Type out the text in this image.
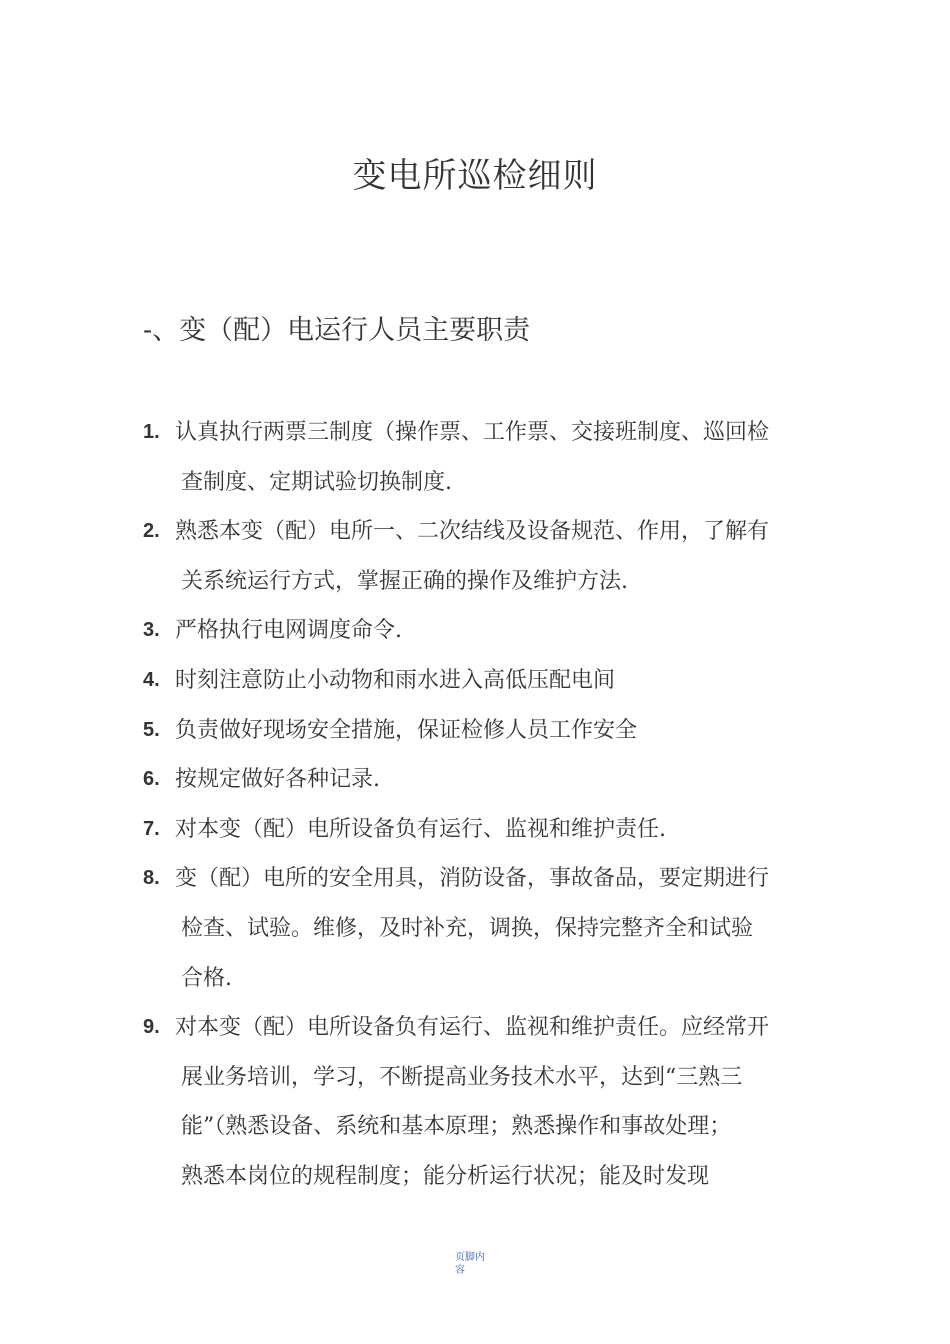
变电所巡检细则
-、变（配）电运行人员主要职责
1. 认真执行两票三制度（操作票、工作票、交接班制度、巡回检
查制度、定期试验切换制度.
2. 熟悉本变（配）电所一、二次结线及设备规范、作用，了解有
关系统运行方式，掌握正确的操作及维护方法.
3. 严格执行电网调度命令.
4. 时刻注意防止小动物和雨水进入高低压配电间
5. 负责做好现场安全措施，保证检修人员工作安全
6. 按规定做好各种记录.
7. 对本变（配）电所设备负有运行、监视和维护责任.
8. 变（配）电所的安全用具，消防设备，事故备品，要定期进行
检查、试验。维修，及时补充，调换，保持完整齐全和试验
合格.
9. 对本变（配）电所设备负有运行、监视和维护责任。应经常开
展业务培训，学习，不断提高业务技术水平，达到“三熟三
能”（熟悉设备、系统和基本原理；熟悉操作和事故处理；
熟悉本岗位的规程制度；能分析运行状况；能及时发现
页脚内
容
